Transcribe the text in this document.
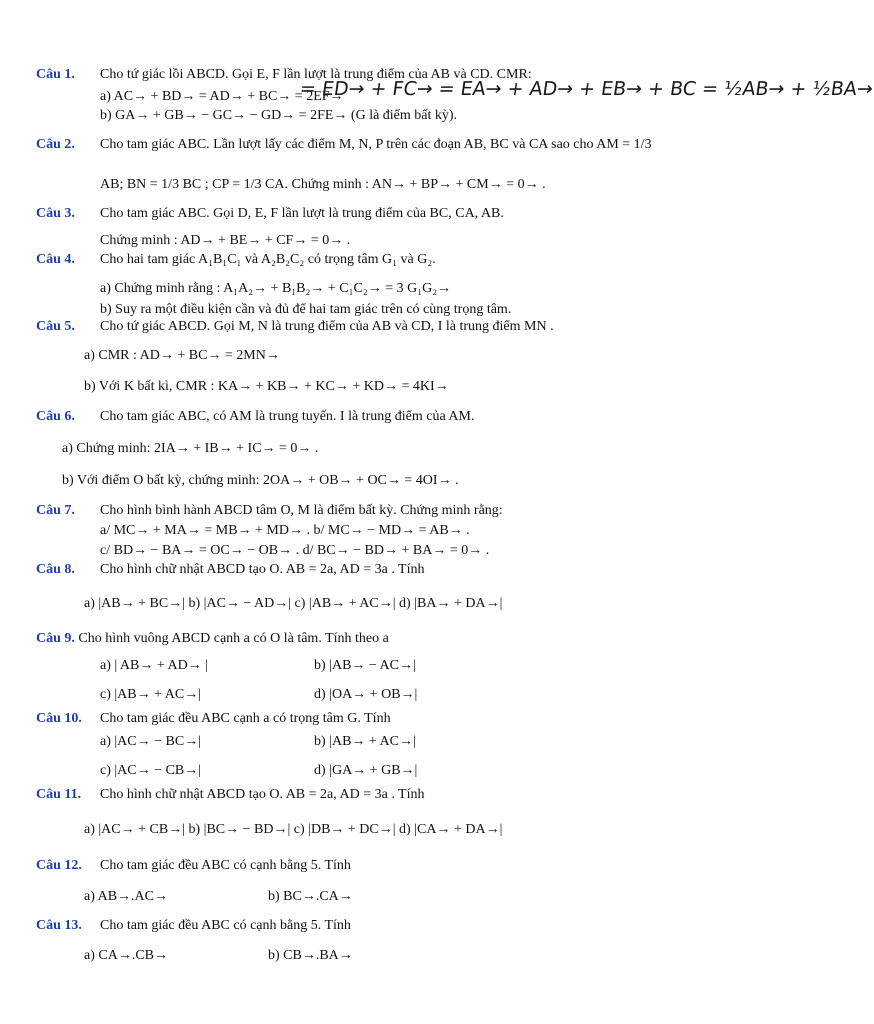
Câu 1. Cho tứ giác lồi ABCD. Gọi E, F lần lượt là trung điểm của AB và CD. CMR:
a) AC→ + BD→ = AD→ + BC→ = 2EF→
= ED→ + FC→ = EA→ + AD→ + EB→ + BC = ½AB→ + ½BA→
b) GA→ + GB→ − GC→ − GD→ = 2FE→ (G là điểm bất kỳ).
Câu 2. Cho tam giác ABC. Lần lượt lấy các điểm M, N, P trên các đoạn AB, BC và CA sao cho AM = 1/3
AB; BN = 1/3 BC ; CP = 1/3 CA. Chứng minh : AN→ + BP→ + CM→ = 0→ .
Câu 3. Cho tam giác ABC. Gọi D, E, F lần lượt là trung điểm của BC, CA, AB.
Chứng minh : AD→ + BE→ + CF→ = 0→ .
Câu 4. Cho hai tam giác A₁B₁C₁ và A₂B₂C₂ có trọng tâm G₁ và G₂.
a) Chứng minh rằng : A₁A₂→ + B₁B₂→ + C₁C₂→ = 3 G₁G₂→
b) Suy ra một điều kiện cần và đủ để hai tam giác trên có cùng trọng tâm.
Câu 5. Cho tứ giác ABCD. Gọi M, N là trung điểm của AB và CD, I là trung điểm MN .
a) CMR : AD→ + BC→ = 2MN→
b) Với K bất kì, CMR : KA→ + KB→ + KC→ + KD→ = 4KI→
Câu 6. Cho tam giác ABC, có AM là trung tuyến. I là trung điểm của AM.
a) Chứng minh: 2IA→ + IB→ + IC→ = 0→ .
b) Với điểm O bất kỳ, chứng minh: 2OA→ + OB→ + OC→ = 4OI→ .
Câu 7. Cho hình bình hành ABCD tâm O, M là điểm bất kỳ. Chứng minh rằng:
a/ MC→ + MA→ = MB→ + MD→ . b/ MC→ − MD→ = AB→ .
c/ BD→ − BA→ = OC→ − OB→ . d/ BC→ − BD→ + BA→ = 0→ .
Câu 8. Cho hình chữ nhật ABCD tạo O. AB = 2a, AD = 3a . Tính
a) |AB→ + BC→| b) |AC→ − AD→| c) |AB→ + AC→| d) |BA→ + DA→|
Câu 9. Cho hình vuông ABCD cạnh a có O là tâm. Tính theo a
a) | AB→ + AD→ |	b) |AB→ − AC→|
c) |AB→ + AC→|	d) |OA→ + OB→|
Câu 10. Cho tam giác đều ABC cạnh a có trọng tâm G. Tính
a) |AC→ − BC→|	b) |AB→ + AC→|
c) |AC→ − CB→|	d) |GA→ + GB→|
Câu 11. Cho hình chữ nhật ABCD tạo O. AB = 2a, AD = 3a . Tính
a) |AC→ + CB→| b) |BC→ − BD→| c) |DB→ + DC→| d) |CA→ + DA→|
Câu 12. Cho tam giác đều ABC có cạnh bằng 5. Tính
a) AB→.AC→	b) BC→.CA→
Câu 13. Cho tam giác đều ABC có cạnh bằng 5. Tính
a) CA→.CB→	b) CB→.BA→
